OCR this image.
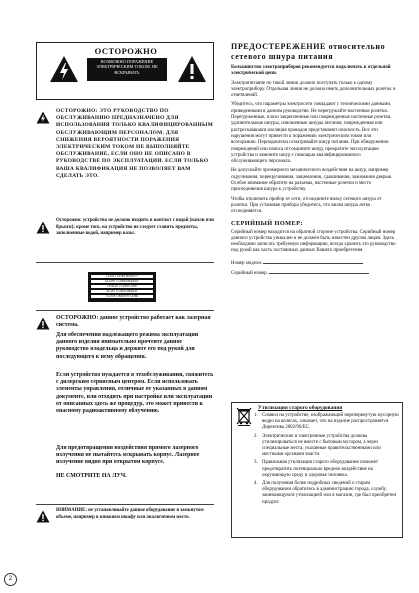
ОСТОРОЖНО
ВОЗМОЖНО ПОРАЖЕНИЕ ЭЛЕКТРИЧЕСКИМ ТОКОМ. НЕ ВСКРЫВАТЬ
ОСТОРОЖНО: ЭТО РУКОВОДСТВО ПО ОБСЛУЖИВАНИЮ ПРЕДНАЗНАЧЕНО ДЛЯ ИСПОЛЬЗОВАНИЯ ТОЛЬКО КВАЛИФИЦИРОВАННЫМ ОБСЛУЖИВАЮЩИМ ПЕРСОНАЛОМ. ДЛЯ СНИЖЕНИЯ ВЕРОЯТНОСТИ ПОРАЖЕНИЯ ЭЛЕКТРИЧЕСКИМ ТОКОМ НЕ ВЫПОЛНЯЙТЕ ОБСЛУЖИВАНИЕ, ЕСЛИ ОНО НЕ ОПИСАНО В РУКОВОДСТВЕ ПО ЭКСПЛУАТАЦИИ. ЕСЛИ ТОЛЬКО ВАША КВАЛИФИКАЦИЯ НЕ ПОЗВОЛЯЕТ ВАМ СДЕЛАТЬ ЭТО.
Осторожно: устройство не должно входить в контакт с водой (капли или брызги); кроме того, на устройство не следует ставить предметы, заполненные водой, например вазы.
CLASS 1 LASER PRODUCT
KLASSE 1 LASER PRODUKT
LUOKAN 1 LASER LAITE
KLASS 1 LASER APPARAT
CLASSE 1 PRODUIT LASER
ОСТОРОЖНО: данное устройство работает как лазерная система.
Для обеспечения надлежащего режима эксплуатации данного изделия внимательно прочтите данное руководство владельца и держите его под рукой для последующего к нему обращения.
Если устройство нуждается в техобслуживании, свяжитесь с дилерским сервисным центром. Если использовать элементы управления, отличные от указанных в данном документе, или отходить при настройке или эксплуатации от описанных здесь же процедур, это может привести к опасному радиоактивному облучению.
Для предотвращения воздействия прямого лазерного излучения не пытайтесь вскрывать корпус. Лазерное излучение видно при открытом корпусе.
НЕ СМОТРИТЕ НА ЛУЧ.
ВНИМАНИЕ: не устанавливайте данное оборудование в замкнутом объеме, например в книжном шкафу или аналогичном месте.

ПРЕДОСТЕРЕЖЕНИЕ относительно сетевого шнура питания

Большинство электроприборов рекомендуется подключать к отдельной электрической цепи.

Электропитание по такой линии должно поступать только к одному электроприбору. Отдельная линия не должна иметь дополнительных розеток и ответвлений.

Убедитесь, что параметры электросети совпадают с техническими данными, приведенными в данном руководстве. Не перегружайте настенные розетки. Перегруженные, плохо закрепленные или поврежденные настенные розетки, удлинительные шнуры, изношенные шнуры питания, поврежденная или растрескавшаяся изоляция проводов представляют опасность. Все эти нарушения могут привести к поражению электрическим током или возгоранию. Периодически осматривайте шнур питания. При обнаружении повреждений или износа отсоедините шнур, прекратите эксплуатацию устройства и замените шнур с помощью квалифицированного обслуживающего персонала.

Не допускайте чрезмерного механического воздействия на шнур, например скручивания, перекручивания, защемления, сдавливания, зажимания дверью. Особое внимание обратите на разъемы, настенные розетки и место присоединения шнура к устройству.

Чтобы отключить прибор от сети, отсоедините вилку сетевого шнура от розетки. При установке прибора убедитесь, что вилка шнура легко отсоединяется.

СЕРИЙНЫЙ НОМЕР:

Серийный номер находится на обратной стороне устройства. Серийный номер данного устройства уникален и не должен быть известен другим лицам. Здесь необходимо записать требуемую информацию, всегда хранить это руководство под рукой как часть постоянных данных Вашего приобретения.

Номер модели.
Серийный номер.
Утилизация старого оборудования
1. Символ на устройстве, изображающий перечеркнутую мусорную ведро на колесах, означает, что на изделие распространяется Директива 2002/96/EC.
2. Электрические и электронные устройства должны утилизироваться не вместе с бытовым мусором, а через специальные места, указанные правительственными или местными органами власти.
3. Правильная утилизация старого оборудования поможет предотвратить потенциально вредное воздействие на окружающую среду и здоровье человека.
4. Для получения более подробных сведений о старом оборудовании обратитесь в администрацию города, службу, занимающуюся утилизацией или в магазин, где был приобретен продукт.
2
